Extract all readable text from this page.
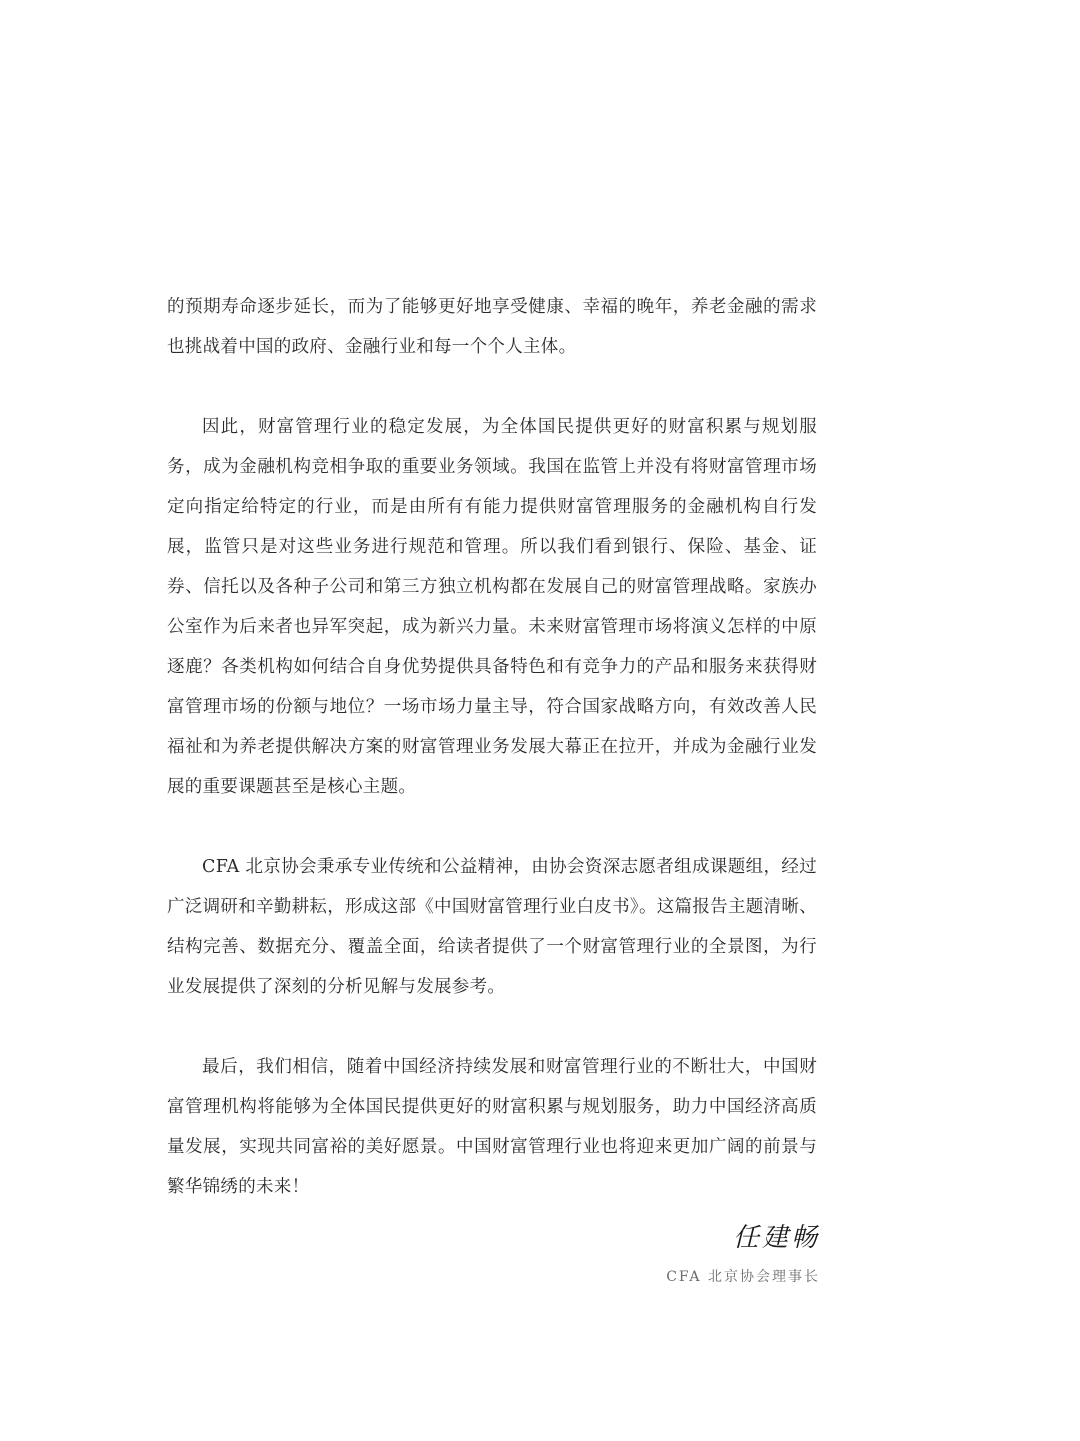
的预期寿命逐步延长，而为了能够更好地享受健康、幸福的晚年，养老金融的需求也挑战着中国的政府、金融行业和每一个个人主体。

因此，财富管理行业的稳定发展，为全体国民提供更好的财富积累与规划服务，成为金融机构竞相争取的重要业务领域。我国在监管上并没有将财富管理市场定向指定给特定的行业，而是由所有有能力提供财富管理服务的金融机构自行发展，监管只是对这些业务进行规范和管理。所以我们看到银行、保险、基金、证券、信托以及各种子公司和第三方独立机构都在发展自己的财富管理战略。家族办公室作为后来者也异军突起，成为新兴力量。未来财富管理市场将演义怎样的中原逐鹿？各类机构如何结合自身优势提供具备特色和有竞争力的产品和服务来获得财富管理市场的份额与地位？一场市场力量主导，符合国家战略方向，有效改善人民福祉和为养老提供解决方案的财富管理业务发展大幕正在拉开，并成为金融行业发展的重要课题甚至是核心主题。

CFA 北京协会秉承专业传统和公益精神，由协会资深志愿者组成课题组，经过广泛调研和辛勤耕耘，形成这部《中国财富管理行业白皮书》。这篇报告主题清晰、结构完善、数据充分、覆盖全面，给读者提供了一个财富管理行业的全景图，为行业发展提供了深刻的分析见解与发展参考。

最后，我们相信，随着中国经济持续发展和财富管理行业的不断壮大，中国财富管理机构将能够为全体国民提供更好的财富积累与规划服务，助力中国经济高质量发展，实现共同富裕的美好愿景。中国财富管理行业也将迎来更加广阔的前景与繁华锦绣的未来！

任建畅
CFA 北京协会理事长
